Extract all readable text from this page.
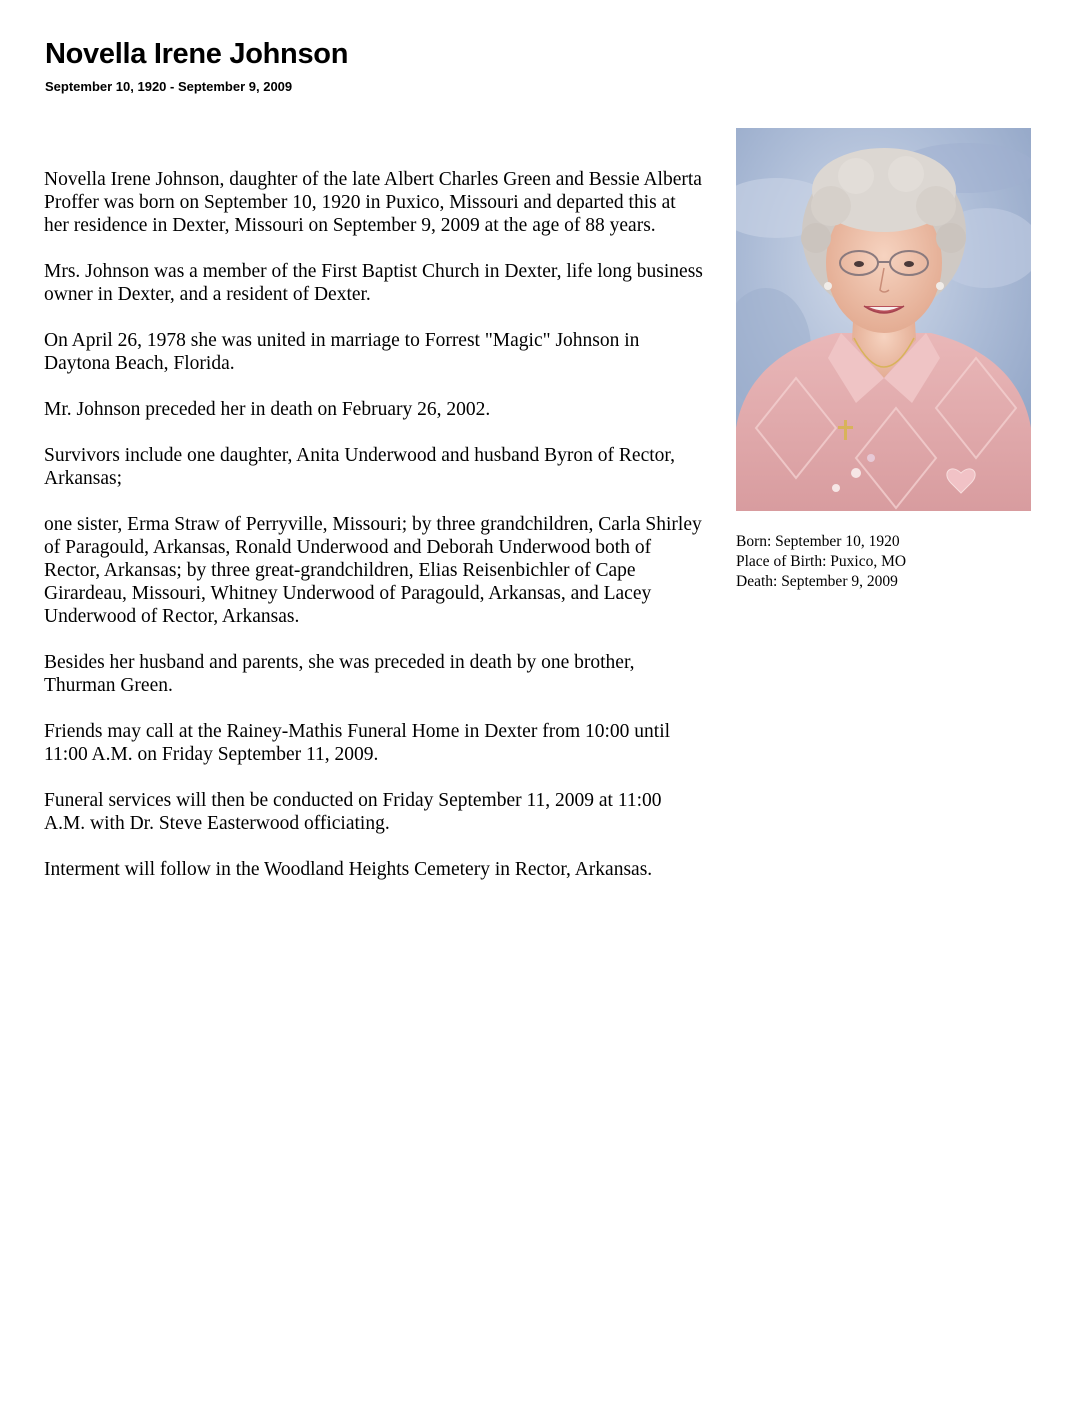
Novella Irene Johnson
September 10, 1920 - September 9, 2009

Novella Irene Johnson, daughter of the late Albert Charles Green and Bessie Alberta Proffer was born on September 10, 1920 in Puxico, Missouri and departed this at her residence in Dexter, Missouri on September 9, 2009 at the age of 88 years.

Mrs. Johnson was a member of the First Baptist Church in Dexter, life long business owner in Dexter, and a resident of Dexter.

On April 26, 1978 she was united in marriage to Forrest "Magic" Johnson in Daytona Beach, Florida.

Mr. Johnson preceded her in death on February 26, 2002.

Survivors include one daughter, Anita Underwood and husband Byron of Rector, Arkansas;

one sister, Erma Straw of Perryville, Missouri; by three grandchildren, Carla Shirley of Paragould, Arkansas, Ronald Underwood and Deborah Underwood both of Rector, Arkansas; by three great-grandchildren, Elias Reisenbichler of Cape Girardeau, Missouri, Whitney Underwood of Paragould, Arkansas, and Lacey Underwood of Rector, Arkansas.

Besides her husband and parents, she was preceded in death by one brother, Thurman Green.

Friends may call at the Rainey-Mathis Funeral Home in Dexter from 10:00 until 11:00 A.M. on Friday September 11, 2009.

Funeral services will then be conducted on Friday September 11, 2009 at 11:00 A.M. with Dr. Steve Easterwood officiating.

Interment will follow in the Woodland Heights Cemetery in Rector, Arkansas.

Born: September 10, 1920
Place of Birth: Puxico, MO
Death: September 9, 2009
